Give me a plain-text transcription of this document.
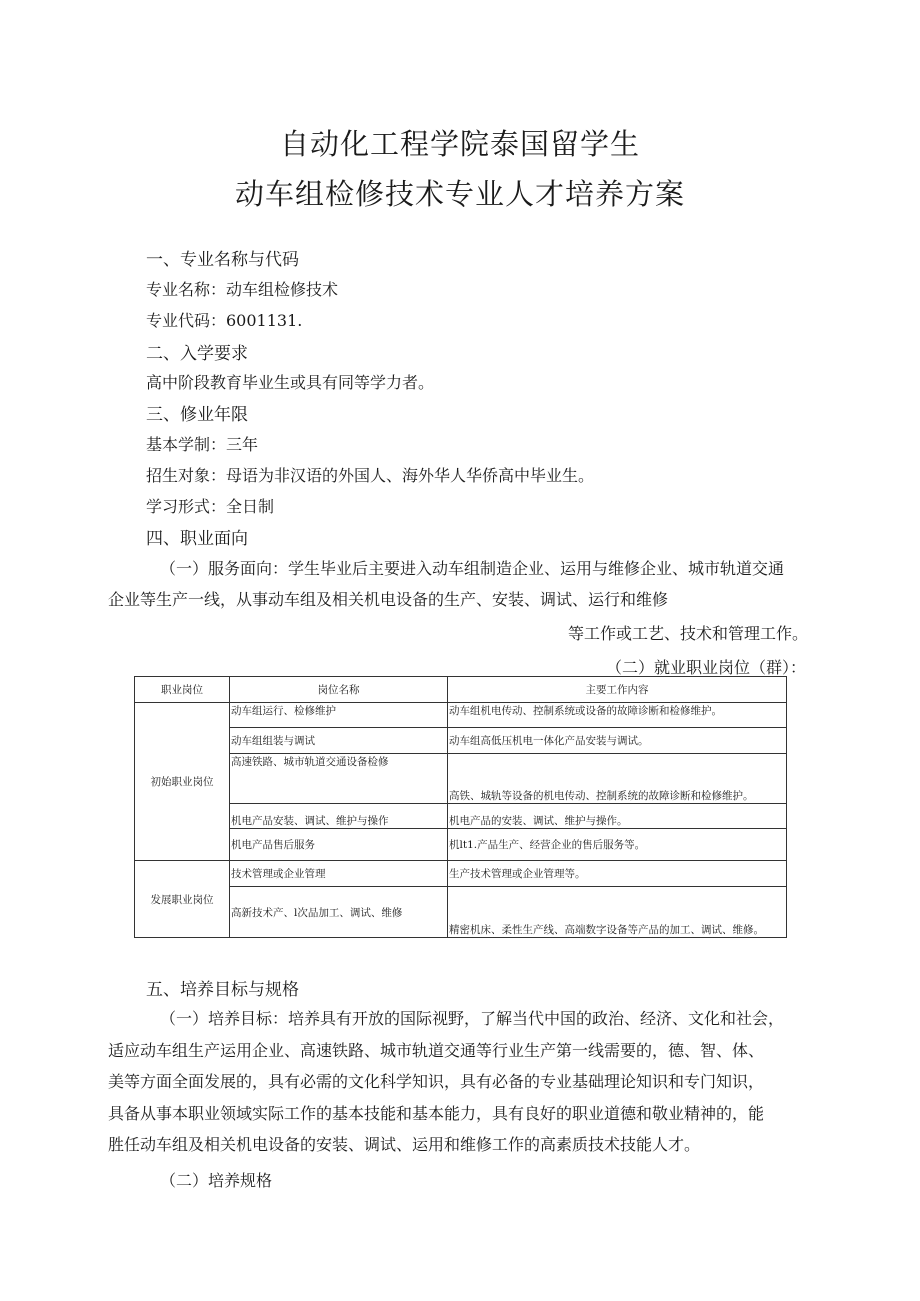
自动化工程学院泰国留学生
动车组检修技术专业人才培养方案
一、专业名称与代码
专业名称：动车组检修技术
专业代码：6001131.
二、入学要求
高中阶段教育毕业生或具有同等学力者。
三、修业年限
基本学制：三年
招生对象：母语为非汉语的外国人、海外华人华侨高中毕业生。
学习形式：全日制
四、职业面向
（一）服务面向：学生毕业后主要进入动车组制造企业、运用与维修企业、城市轨道交通
企业等生产一线，从事动车组及相关机电设备的生产、安装、调试、运行和维修
等工作或工艺、技术和管理工作。
（二）就业职业岗位（群）：
职业岗位	岗位名称	主要工作内容
初始职业岗位	动车组运行、检修维护	动车组机电传动、控制系统或设备的故障诊断和检修维护。
	动车组组装与调试	动车组高低压机电一体化产品安装与调试。
	高速铁路、城市轨道交通设备检修	高铁、城轨等设备的机电传动、控制系统的故障诊断和检修维护。
	机电产品安装、调试、维护与操作	机电产品的安装、调试、维护与操作。
	机电产品售后服务	机lt1.产品生产、经营企业的售后服务等。
发展职业岗位	技术管理或企业管理	生产技术管理或企业管理等。
	高新技术产、l次品加工、调试、维修	精密机床、柔性生产线、高端数字设备等产品的加工、调试、维修。
五、培养目标与规格

（一）培养目标：培养具有开放的国际视野，了解当代中国的政治、经济、文化和社会，

适应动车组生产运用企业、高速铁路、城市轨道交通等行业生产第一线需要的，德、智、体、

美等方面全面发展的，具有必需的文化科学知识，具有必备的专业基础理论知识和专门知识，

具备从事本职业领域实际工作的基本技能和基本能力，具有良好的职业道德和敬业精神的，能

胜任动车组及相关机电设备的安装、调试、运用和维修工作的高素质技术技能人才。

（二）培养规格
